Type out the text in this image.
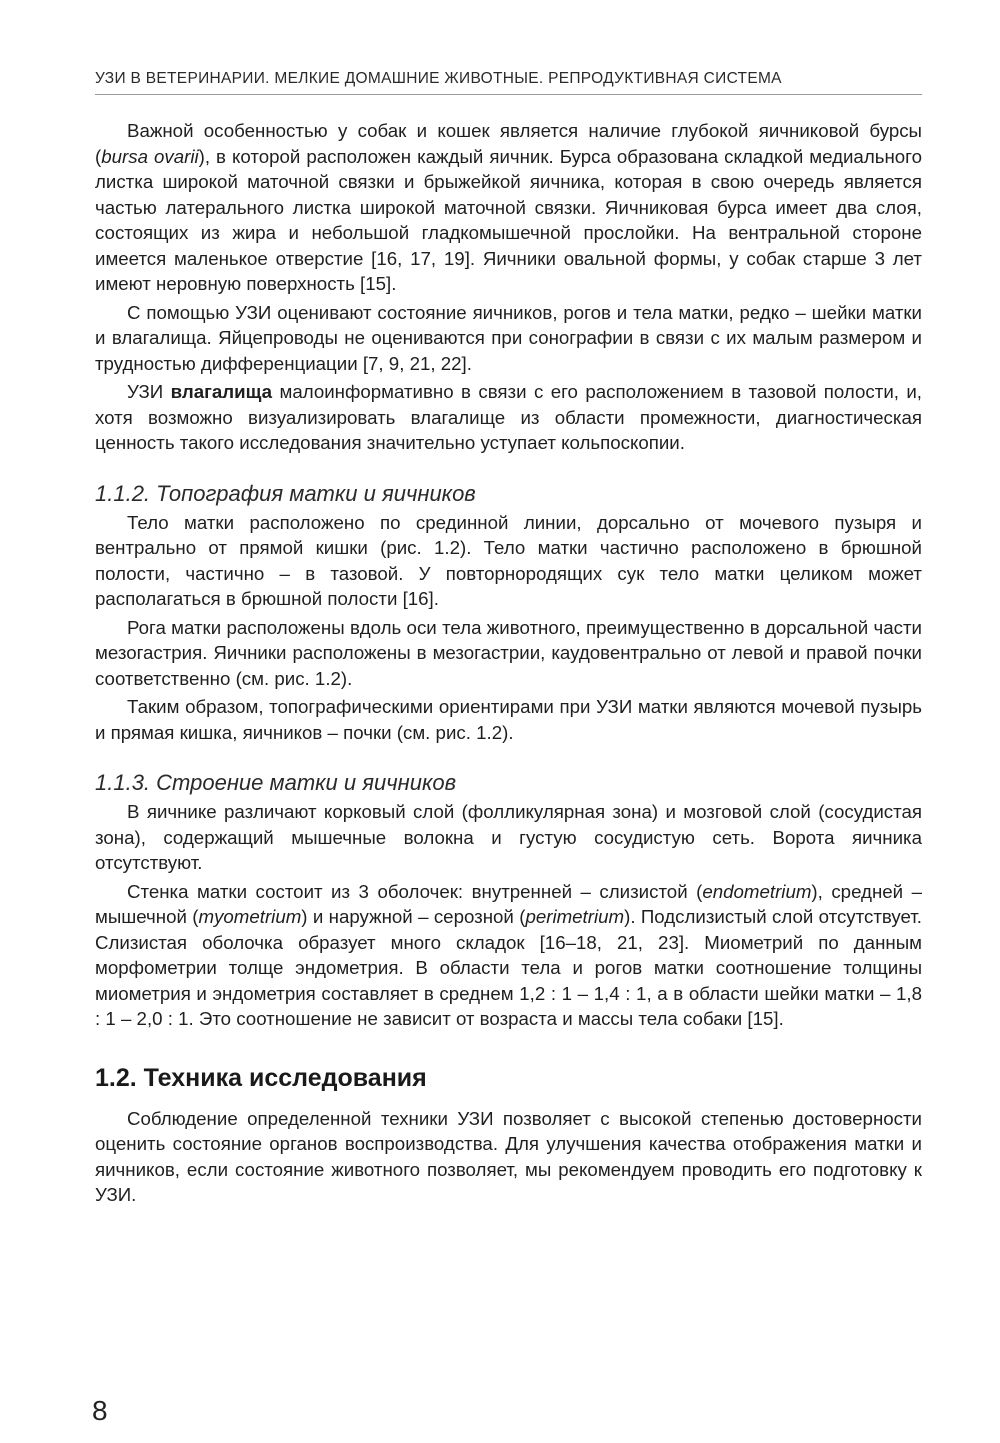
УЗИ В ВЕТЕРИНАРИИ. МЕЛКИЕ ДОМАШНИЕ ЖИВОТНЫЕ. РЕПРОДУКТИВНАЯ СИСТЕМА

Важной особенностью у собак и кошек является наличие глубокой яичниковой бурсы (bursa ovarii), в которой расположен каждый яичник. Бурса образована складкой медиального листка широкой маточной связки и брыжейкой яичника, которая в свою очередь является частью латерального листка широкой маточной связки. Яичниковая бурса имеет два слоя, состоящих из жира и небольшой гладкомышечной прослойки. На вентральной стороне имеется маленькое отверстие [16, 17, 19]. Яичники овальной формы, у собак старше 3 лет имеют неровную поверхность [15].

С помощью УЗИ оценивают состояние яичников, рогов и тела матки, редко – шейки матки и влагалища. Яйцепроводы не оцениваются при сонографии в связи с их малым размером и трудностью дифференциации [7, 9, 21, 22].

УЗИ влагалища малоинформативно в связи с его расположением в тазовой полости, и, хотя возможно визуализировать влагалище из области промежности, диагностическая ценность такого исследования значительно уступает кольпоскопии.

1.1.2. Топография матки и яичников

Тело матки расположено по срединной линии, дорсально от мочевого пузыря и вентрально от прямой кишки (рис. 1.2). Тело матки частично расположено в брюшной полости, частично – в тазовой. У повторнородящих сук тело матки целиком может располагаться в брюшной полости [16].

Рога матки расположены вдоль оси тела животного, преимущественно в дорсальной части мезогастрия. Яичники расположены в мезогастрии, каудовентрально от левой и правой почки соответственно (см. рис. 1.2).

Таким образом, топографическими ориентирами при УЗИ матки являются мочевой пузырь и прямая кишка, яичников – почки (см. рис. 1.2).

1.1.3. Строение матки и яичников

В яичнике различают корковый слой (фолликулярная зона) и мозговой слой (сосудистая зона), содержащий мышечные волокна и густую сосудистую сеть. Ворота яичника отсутствуют.

Стенка матки состоит из 3 оболочек: внутренней – слизистой (endometrium), средней – мышечной (myometrium) и наружной – серозной (perimetrium). Подслизистый слой отсутствует. Слизистая оболочка образует много складок [16–18, 21, 23]. Миометрий по данным морфометрии толще эндометрия. В области тела и рогов матки соотношение толщины миометрия и эндометрия составляет в среднем 1,2 : 1 – 1,4 : 1, а в области шейки матки – 1,8 : 1 – 2,0 : 1. Это соотношение не зависит от возраста и массы тела собаки [15].

1.2. Техника исследования

Соблюдение определенной техники УЗИ позволяет с высокой степенью достоверности оценить состояние органов воспроизводства. Для улучшения качества отображения матки и яичников, если состояние животного позволяет, мы рекомендуем проводить его подготовку к УЗИ.

8
